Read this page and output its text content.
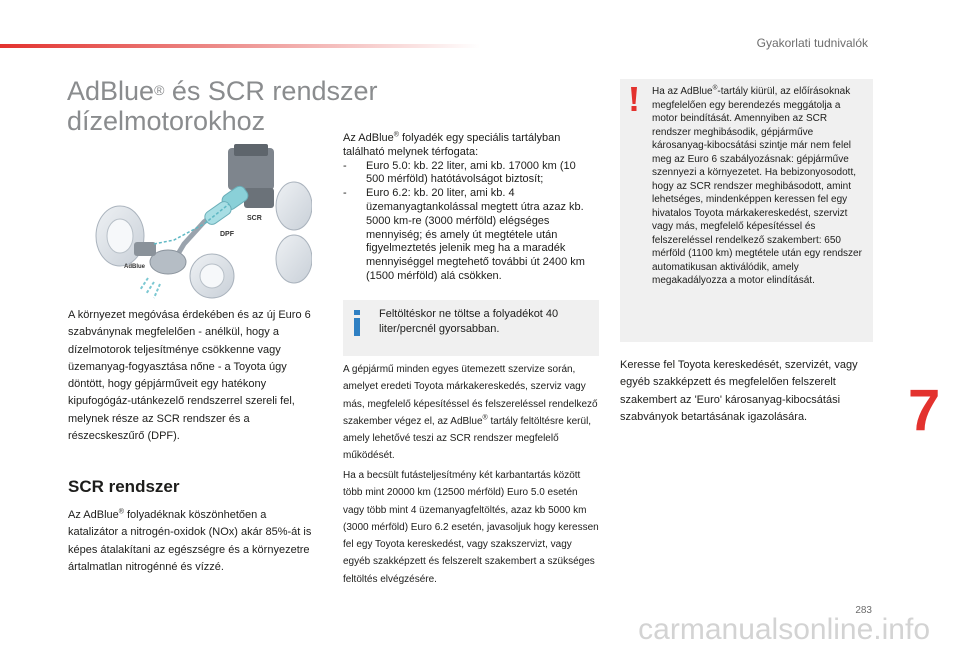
Gyakorlati tudnivalók
AdBlue® és SCR rendszer
dízelmotorokhoz
SCR
DPF
AdBlue

A környezet megóvása érdekében és az új Euro 6 szabványnak megfelelően - anélkül, hogy a dízelmotorok teljesítménye csökkenne vagy üzemanyag-fogyasztása nőne - a Toyota úgy döntött, hogy gépjárműveit egy hatékony kipufogógáz-utánkezelő rendszerrel szereli fel, melynek része az SCR rendszer és a részecskeszűrő (DPF).

SCR rendszer

Az AdBlue® folyadéknak köszönhetően a katalizátor a nitrogén-oxidok (NOx) akár 85%-át is képes átalakítani az egészségre és a környezetre ártalmatlan nitrogénné és vízzé.

Az AdBlue® folyadék egy speciális tartályban található melynek térfogata:
- Euro 5.0: kb. 22 liter, ami kb. 17000 km (10 500 mérföld) hatótávolságot biztosít;
- Euro 6.2: kb. 20 liter, ami kb. 4 üzemanyagtankolással megtett útra azaz kb. 5000 km-re (3000 mérföld) elégséges mennyiség; és amely út megtétele után figyelmeztetés jelenik meg ha a maradék mennyiséggel megtehető további út 2400 km (1500 mérföld) alá csökken.

Feltöltéskor ne töltse a folyadékot 40 liter/percnél gyorsabban.

A gépjármű minden egyes ütemezett szervize során, amelyet eredeti Toyota márkakereskedés, szerviz vagy más, megfelelő képesítéssel és felszereléssel rendelkező szakember végez el, az AdBlue® tartály feltöltésre kerül, amely lehetővé teszi az SCR rendszer megfelelő működését.

Ha a becsült futásteljesítmény két karbantartás között több mint 20000 km (12500 mérföld) Euro 5.0 esetén vagy több mint 4 üzemanyagfeltöltés, azaz kb 5000 km (3000 mérföld) Euro 6.2 esetén, javasoljuk hogy keressen fel egy Toyota kereskedést, vagy szakszervizt, vagy egyéb szakképzett és felszerelt szakembert a szükséges feltöltés elvégzésére.

Ha az AdBlue®-tartály kiürül, az előírásoknak megfelelően egy berendezés meggátolja a motor beindítását. Amennyiben az SCR rendszer meghibásodik, gépjárműve károsanyag-kibocsátási szintje már nem felel meg az Euro 6 szabályozásnak: gépjárműve szennyezi a környezetet. Ha bebizonyosodott, hogy az SCR rendszer meghibásodott, amint lehetséges, mindenképpen keressen fel egy hivatalos Toyota márkakereskedést, szervizt vagy más, megfelelő képesítéssel és felszereléssel rendelkező szakembert: 650 mérföld (1100 km) megtétele után egy rendszer automatikusan aktiválódik, amely megakadályozza a motor elindítását.

Keresse fel Toyota kereskedését, szervizét, vagy egyéb szakképzett és megfelelően felszerelt szakembert az 'Euro' károsanyag-kibocsátási szabványok betartásának igazolására.	7
283
carmanualsonline.info
